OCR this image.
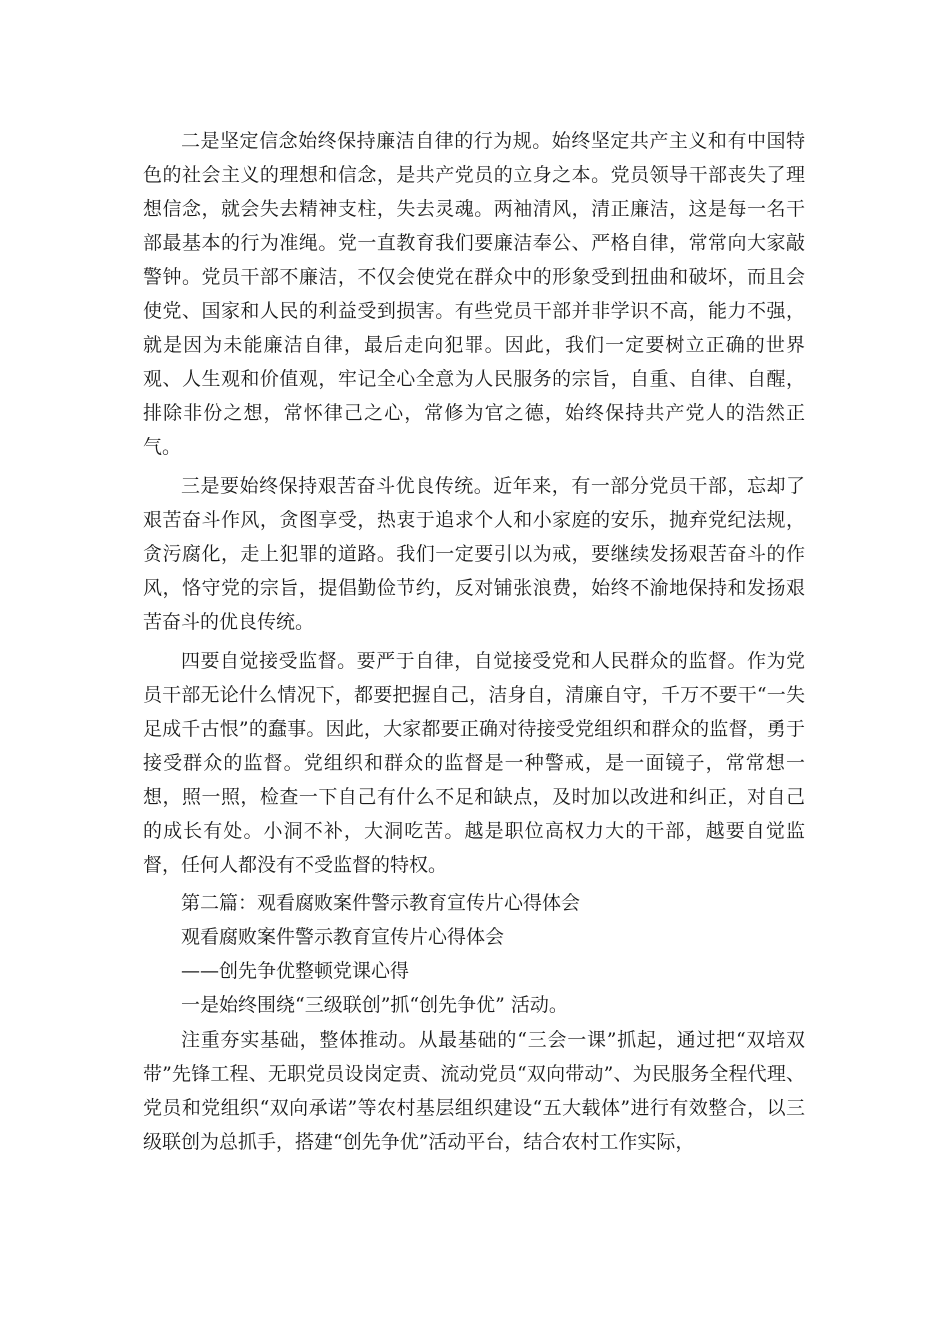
二是坚定信念始终保持廉洁自律的行为规。始终坚定共产主义和有中国特色的社会主义的理想和信念，是共产党员的立身之本。党员领导干部丧失了理想信念，就会失去精神支柱，失去灵魂。两袖清风，清正廉洁，这是每一名干部最基本的行为准绳。党一直教育我们要廉洁奉公、严格自律，常常向大家敲警钟。党员干部不廉洁，不仅会使党在群众中的形象受到扭曲和破坏，而且会使党、国家和人民的利益受到损害。有些党员干部并非学识不高，能力不强，就是因为未能廉洁自律，最后走向犯罪。因此，我们一定要树立正确的世界观、人生观和价值观，牢记全心全意为人民服务的宗旨，自重、自律、自醒，排除非份之想，常怀律己之心，常修为官之德，始终保持共产党人的浩然正气。

三是要始终保持艰苦奋斗优良传统。近年来，有一部分党员干部，忘却了艰苦奋斗作风，贪图享受，热衷于追求个人和小家庭的安乐，抛弃党纪法规，贪污腐化，走上犯罪的道路。我们一定要引以为戒，要继续发扬艰苦奋斗的作风，恪守党的宗旨，提倡勤俭节约，反对铺张浪费，始终不渝地保持和发扬艰苦奋斗的优良传统。

四要自觉接受监督。要严于自律，自觉接受党和人民群众的监督。作为党员干部无论什么情况下，都要把握自己，洁身自，清廉自守，千万不要干“一失足成千古恨”的蠢事。因此，大家都要正确对待接受党组织和群众的监督，勇于接受群众的监督。党组织和群众的监督是一种警戒，是一面镜子，常常想一想，照一照，检查一下自己有什么不足和缺点，及时加以改进和纠正，对自己的成长有处。小洞不补，大洞吃苦。越是职位高权力大的干部，越要自觉监督，任何人都没有不受监督的特权。

第二篇：观看腐败案件警示教育宣传片心得体会

观看腐败案件警示教育宣传片心得体会

——创先争优整顿党课心得

一是始终围绕“三级联创”抓“创先争优” 活动。

注重夯实基础，整体推动。从最基础的“三会一课”抓起，通过把“双培双带”先锋工程、无职党员设岗定责、流动党员“双向带动”、为民服务全程代理、党员和党组织“双向承诺”等农村基层组织建设“五大载体”进行有效整合，以三级联创为总抓手，搭建“创先争优”活动平台，结合农村工作实际，
